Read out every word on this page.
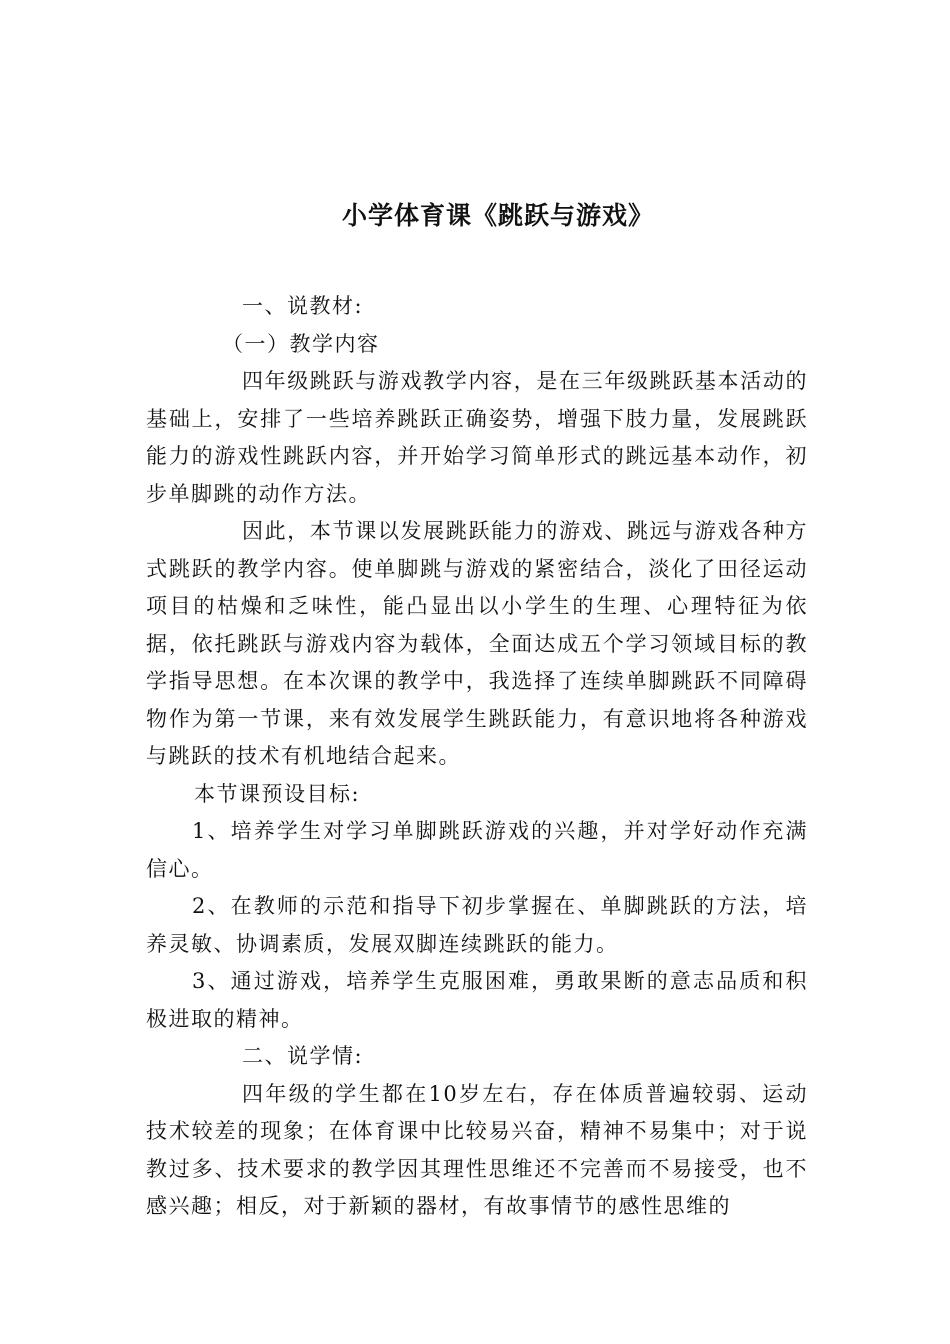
小学体育课《跳跃与游戏》

一、说教材:

（一）教学内容

四年级跳跃与游戏教学内容，是在三年级跳跃基本活动的基础上，安排了一些培养跳跃正确姿势，增强下肢力量，发展跳跃能力的游戏性跳跃内容，并开始学习简单形式的跳远基本动作，初步单脚跳的动作方法。

因此，本节课以发展跳跃能力的游戏、跳远与游戏各种方式跳跃的教学内容。使单脚跳与游戏的紧密结合，淡化了田径运动项目的枯燥和乏味性，能凸显出以小学生的生理、心理特征为依据，依托跳跃与游戏内容为载体，全面达成五个学习领域目标的教学指导思想。在本次课的教学中，我选择了连续单脚跳跃不同障碍物作为第一节课，来有效发展学生跳跃能力，有意识地将各种游戏与跳跃的技术有机地结合起来。

本节课预设目标:

1、培养学生对学习单脚跳跃游戏的兴趣，并对学好动作充满信心。

2、在教师的示范和指导下初步掌握在、单脚跳跃的方法，培养灵敏、协调素质，发展双脚连续跳跃的能力。

3、通过游戏，培养学生克服困难，勇敢果断的意志品质和积极进取的精神。

二、说学情:

四年级的学生都在10岁左右，存在体质普遍较弱、运动技术较差的现象；在体育课中比较易兴奋，精神不易集中；对于说教过多、技术要求的教学因其理性思维还不完善而不易接受，也不感兴趣；相反，对于新颖的器材，有故事情节的感性思维的
